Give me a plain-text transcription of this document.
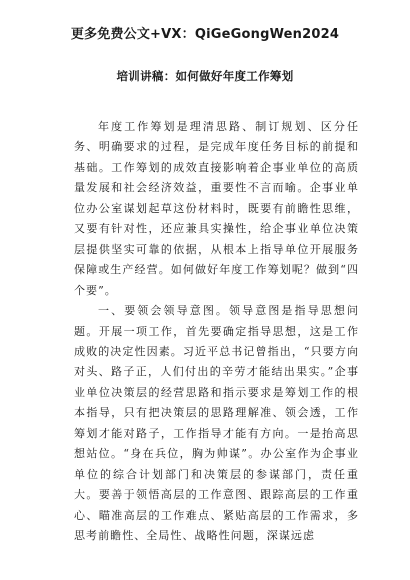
更多免费公文+VX：QiGeGongWen2024
培训讲稿：如何做好年度工作筹划

年度工作筹划是理清思路、制订规划、区分任务、明确要求的过程，是完成年度任务目标的前提和基础。工作筹划的成效直接影响着企事业单位的高质量发展和社会经济效益，重要性不言而喻。企事业单位办公室谋划起草这份材料时，既要有前瞻性思维，又要有针对性，还应兼具实操性，给企事业单位决策层提供坚实可靠的依据，从根本上指导单位开展服务保障或生产经营。如何做好年度工作筹划呢？做到“四个要”。

一、要领会领导意图。领导意图是指导思想问题。开展一项工作，首先要确定指导思想，这是工作成败的决定性因素。习近平总书记曾指出，“只要方向对头、路子正，人们付出的辛劳才能结出果实。”企事业单位决策层的经营思路和指示要求是筹划工作的根本指导，只有把决策层的思路理解准、领会透，工作筹划才能对路子，工作指导才能有方向。一是抬高思想站位。“身在兵位，胸为帅谋”。办公室作为企事业单位的综合计划部门和决策层的参谋部门，责任重大。要善于领悟高层的工作意图、跟踪高层的工作重心、瞄准高层的工作难点、紧贴高层的工作需求，多思考前瞻性、全局性、战略性问题，深谋远虑
